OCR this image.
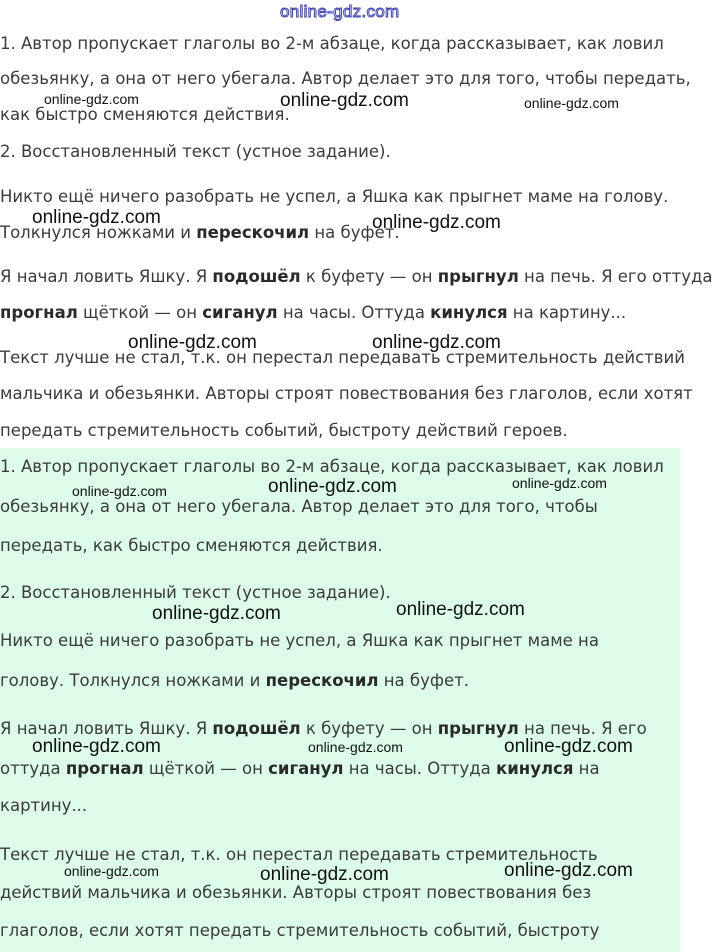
online-gdz.com

1. Автор пропускает глаголы во 2-м абзаце, когда рассказывает, как ловил

обезьянку, а она от него убегала. Автор делает это для того, чтобы передать,

как быстро сменяются действия.

2. Восстановленный текст (устное задание).

Никто ещё ничего разобрать не успел, а Яшка как прыгнет маме на голову.

Толкнулся ножками и перескочил на буфет.

Я начал ловить Яшку. Я подошёл к буфету — он прыгнул на печь. Я его оттуда

прогнал щёткой — он сиганул на часы. Оттуда кинулся на картину...

Текст лучше не стал, т.к. он перестал передавать стремительность действий

мальчика и обезьянки. Авторы строят повествования без глаголов, если хотят

передать стремительность событий, быстроту действий героев.

1. Автор пропускает глаголы во 2-м абзаце, когда рассказывает, как ловил

обезьянку, а она от него убегала. Автор делает это для того, чтобы

передать, как быстро сменяются действия.

2. Восстановленный текст (устное задание).

Никто ещё ничего разобрать не успел, а Яшка как прыгнет маме на

голову. Толкнулся ножками и перескочил на буфет.

Я начал ловить Яшку. Я подошёл к буфету — он прыгнул на печь. Я его

оттуда прогнал щёткой — он сиганул на часы. Оттуда кинулся на

картину...

Текст лучше не стал, т.к. он перестал передавать стремительность

действий мальчика и обезьянки. Авторы строят повествования без

глаголов, если хотят передать стремительность событий, быстроту

online-gdz.com	online-gdz.com	online-gdz.com
online-gdz.com	online-gdz.com
online-gdz.com	online-gdz.com
online-gdz.com	online-gdz.com	online-gdz.com
online-gdz.com	online-gdz.com
online-gdz.com	online-gdz.com	online-gdz.com
online-gdz.com	online-gdz.com	online-gdz.com
